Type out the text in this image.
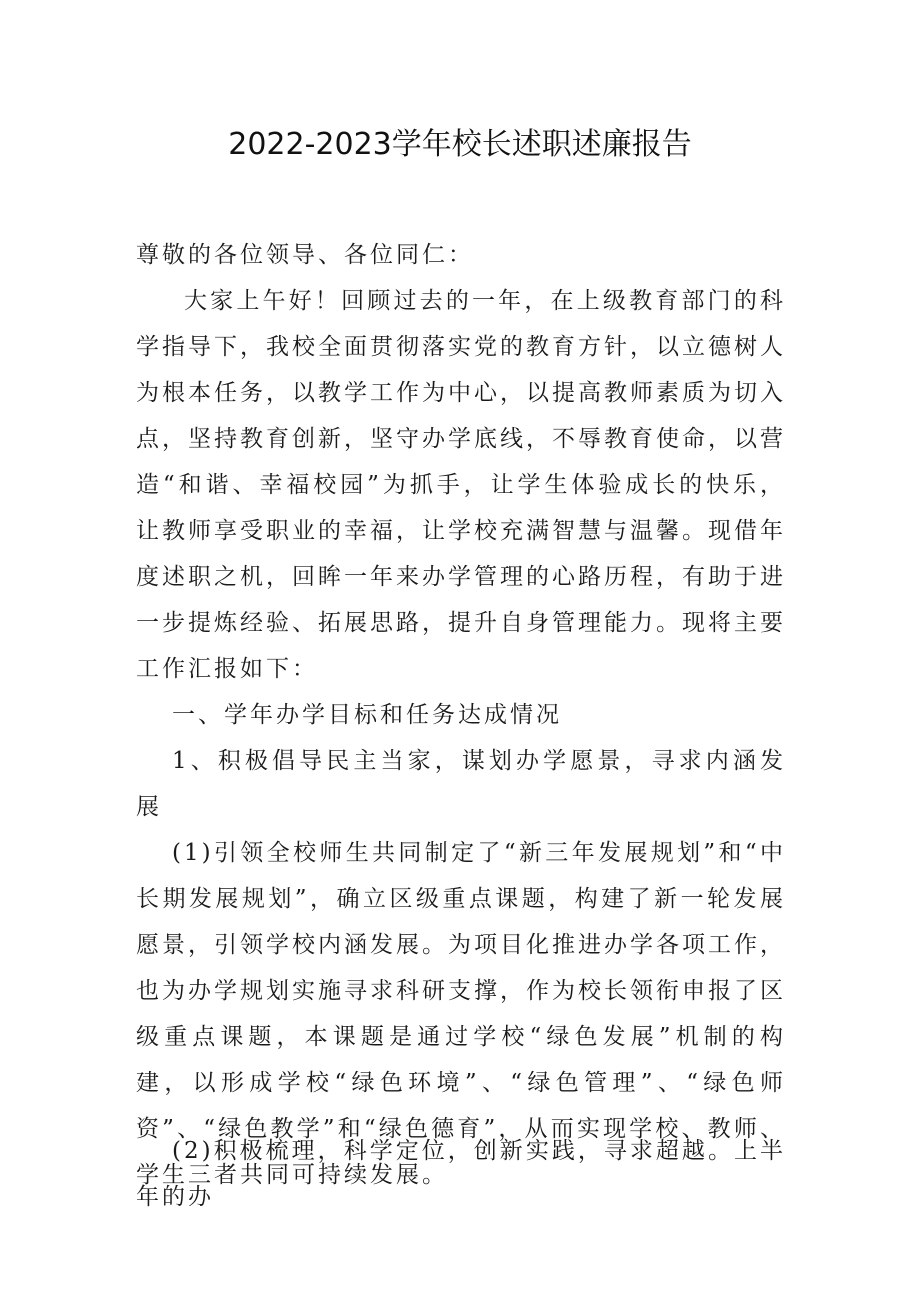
2022-2023学年校长述职述廉报告

尊敬的各位领导、各位同仁：

大家上午好！回顾过去的一年，在上级教育部门的科学指导下，我校全面贯彻落实党的教育方针，以立德树人为根本任务，以教学工作为中心，以提高教师素质为切入点，坚持教育创新，坚守办学底线，不辱教育使命，以营造“和谐、幸福校园”为抓手，让学生体验成长的快乐，让教师享受职业的幸福，让学校充满智慧与温馨。现借年度述职之机，回眸一年来办学管理的心路历程，有助于进一步提炼经验、拓展思路，提升自身管理能力。现将主要工作汇报如下：

一、学年办学目标和任务达成情况

1、积极倡导民主当家，谋划办学愿景，寻求内涵发展

(1)引领全校师生共同制定了“新三年发展规划”和“中长期发展规划”，确立区级重点课题，构建了新一轮发展愿景，引领学校内涵发展。为项目化推进办学各项工作，也为办学规划实施寻求科研支撑，作为校长领衔申报了区级重点课题，本课题是通过学校“绿色发展”机制的构建，以形成学校“绿色环境”、“绿色管理”、“绿色师资”、“绿色教学”和“绿色德育”，从而实现学校、教师、学生三者共同可持续发展。

(2)积极梳理，科学定位，创新实践，寻求超越。上半年的办
